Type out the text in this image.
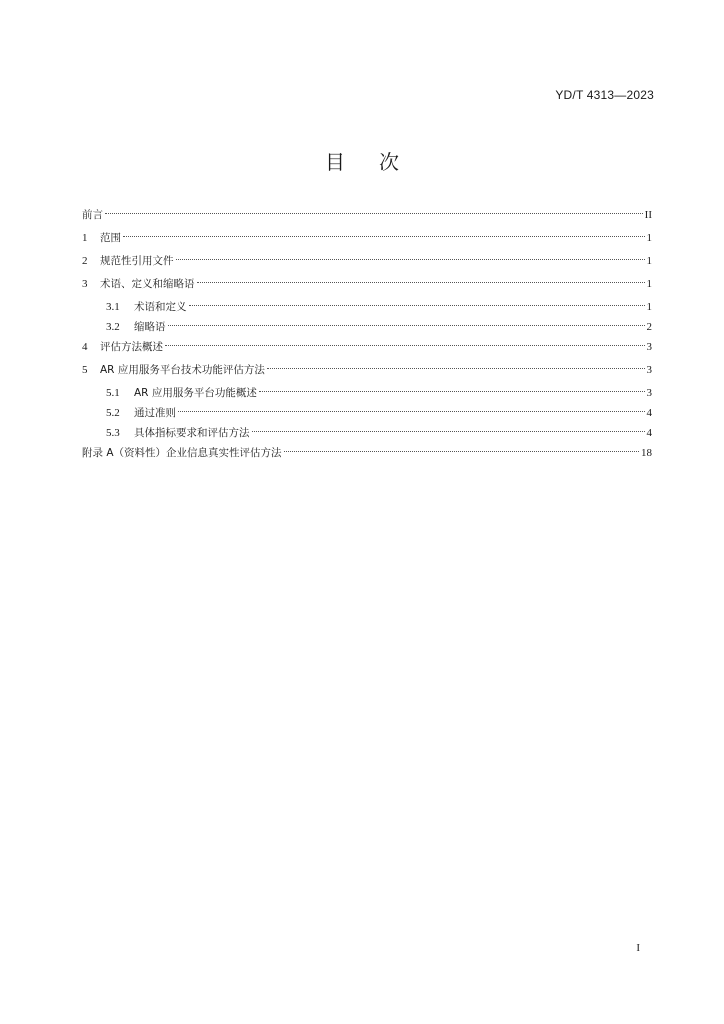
YD/T 4313—2023
目次
前言	II
1	范围	1
2	规范性引用文件	1
3	术语、定义和缩略语	1
3.1	术语和定义	1
3.2	缩略语	2
4	评估方法概述	3
5	AR 应用服务平台技术功能评估方法	3
5.1	AR 应用服务平台功能概述	3
5.2	通过准则	4
5.3	具体指标要求和评估方法	4
附录 A（资料性）企业信息真实性评估方法	18
I
